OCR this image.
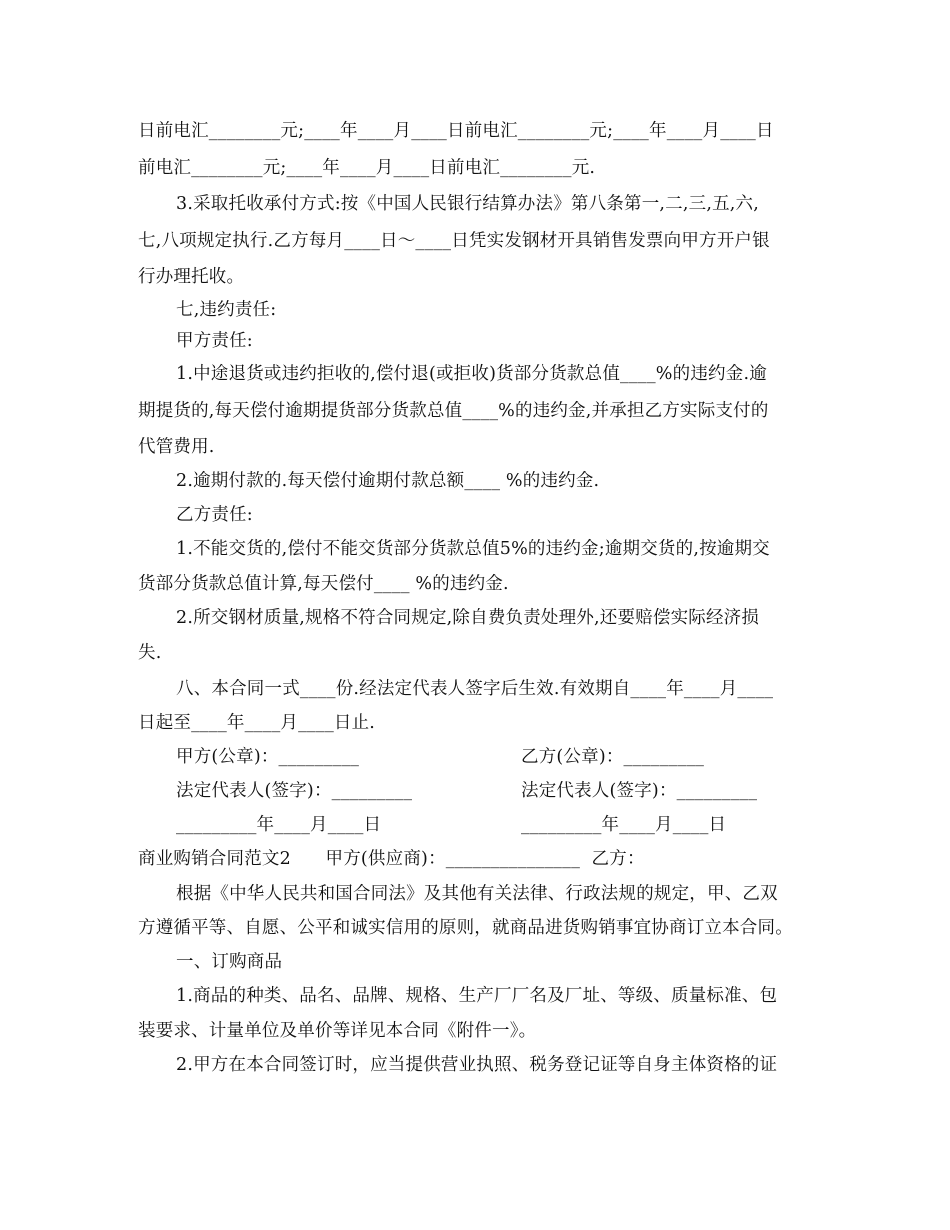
日前电汇________元;____年____月____日前电汇________元;____年____月____日
前电汇________元;____年____月____日前电汇________元.
3.采取托收承付方式:按《中国人民银行结算办法》第八条第一,二,三,五,六,
七,八项规定执行.乙方每月____日～____日凭实发钢材开具销售发票向甲方开户银
行办理托收。
七,违约责任:
甲方责任:
1.中途退货或违约拒收的,偿付退(或拒收)货部分货款总值____%的违约金.逾
期提货的,每天偿付逾期提货部分货款总值____%的违约金,并承担乙方实际支付的
代管费用.
2.逾期付款的.每天偿付逾期付款总额____ %的违约金.
乙方责任:
1.不能交货的,偿付不能交货部分货款总值5%的违约金;逾期交货的,按逾期交
货部分货款总值计算,每天偿付____ %的违约金.
2.所交钢材质量,规格不符合同规定,除自费负责处理外,还要赔偿实际经济损
失.
八、本合同一式____份.经法定代表人签字后生效.有效期自____年____月____
日起至____年____月____日止.
甲方(公章)：_________	乙方(公章)：_________
法定代表人(签字)：_________	法定代表人(签字)：_________
_________年____月____日	_________年____月____日
商业购销合同范文2      甲方(供应商)：_______________  乙方：
根据《中华人民共和国合同法》及其他有关法律、行政法规的规定，甲、乙双
方遵循平等、自愿、公平和诚实信用的原则，就商品进货购销事宜协商订立本合同。
一、订购商品
1.商品的种类、品名、品牌、规格、生产厂厂名及厂址、等级、质量标准、包
装要求、计量单位及单价等详见本合同《附件一》。
2.甲方在本合同签订时，应当提供营业执照、税务登记证等自身主体资格的证
